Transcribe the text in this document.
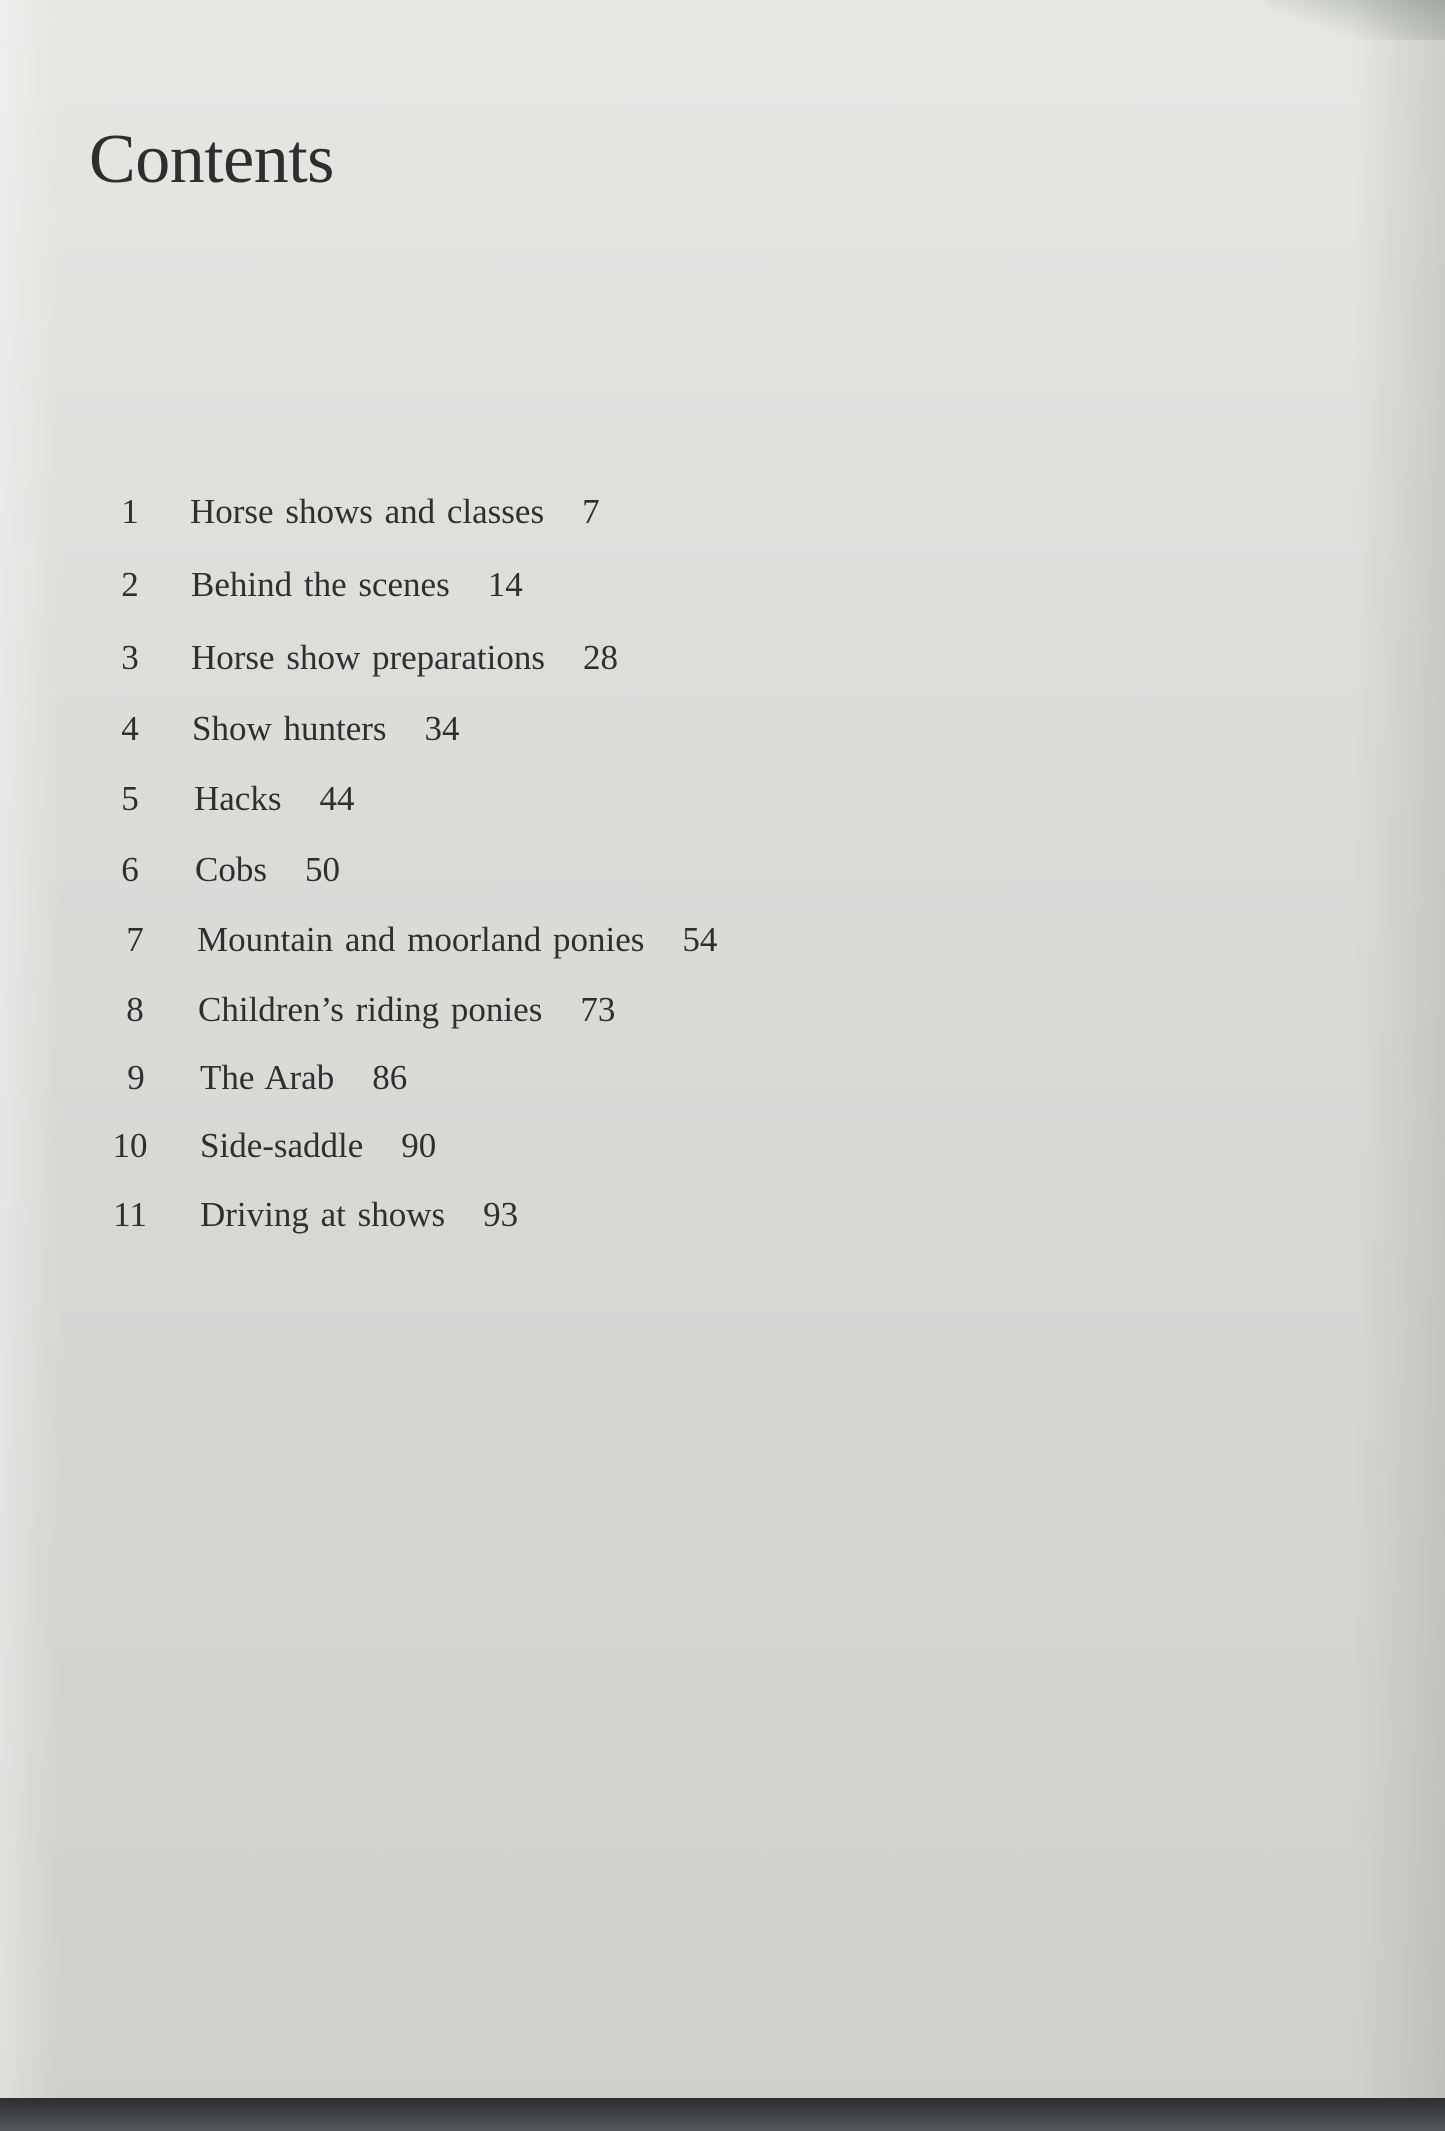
Contents
1	Horse shows and classes 7
2	Behind the scenes 14
3	Horse show preparations 28
4	Show hunters 34
5	Hacks 44
6	Cobs 50
7	Mountain and moorland ponies 54
8	Children’s riding ponies 73
9	The Arab 86
10	Side-saddle 90
11	Driving at shows 93
